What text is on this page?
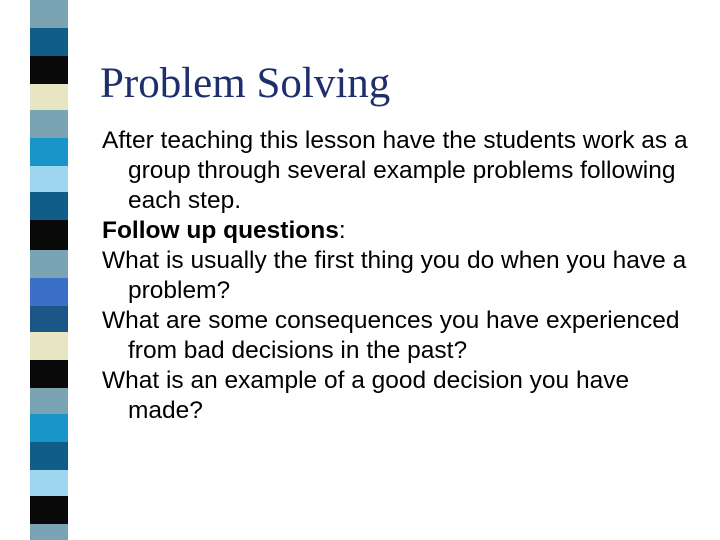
Problem Solving

After teaching this lesson have the students work as a group through several example problems following each step.

Follow up questions:

What is usually the first thing you do when you have a problem?

What are some consequences you have experienced from bad decisions in the past?

What is an example of a good decision you have made?
